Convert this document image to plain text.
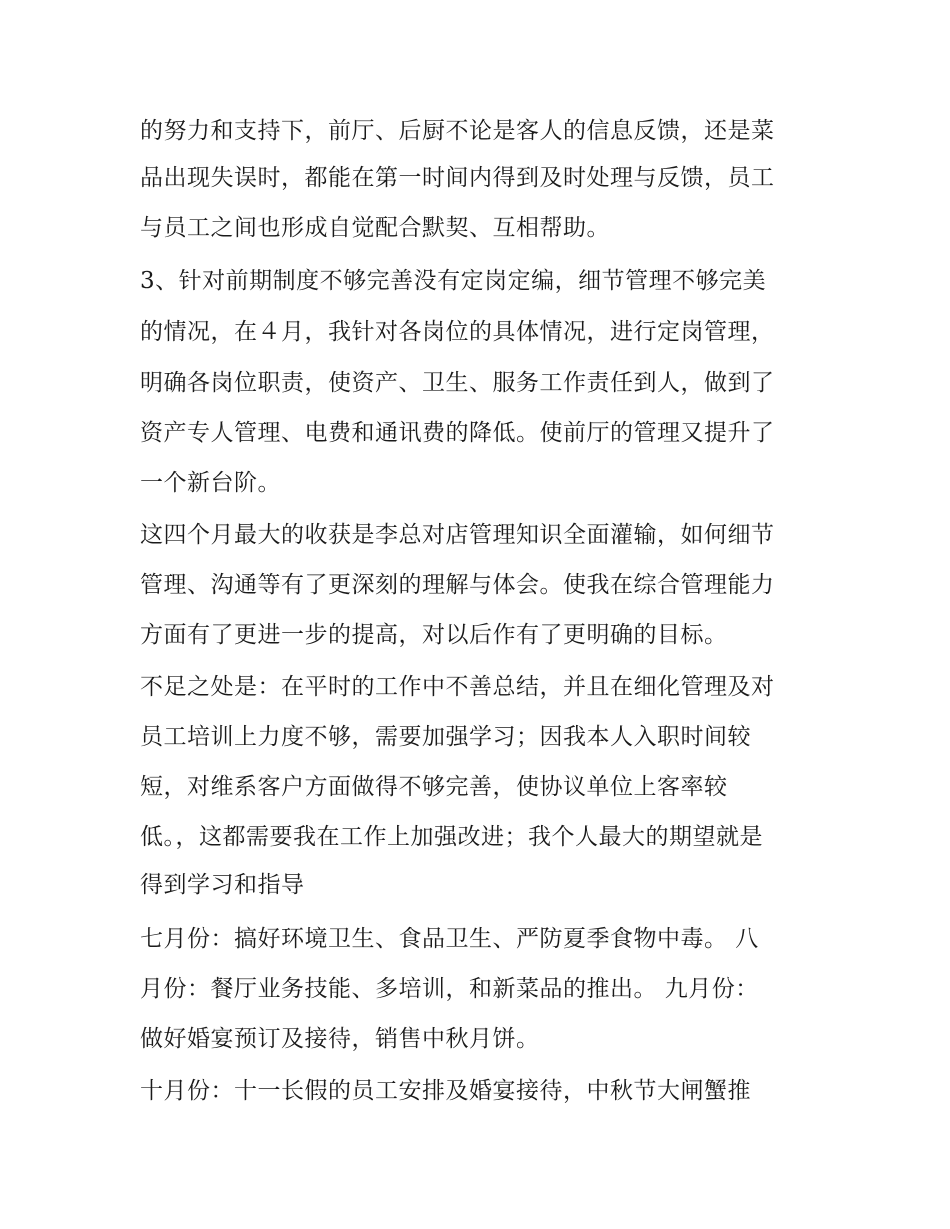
的努力和支持下，前厅、后厨不论是客人的信息反馈，还是菜
品出现失误时，都能在第一时间内得到及时处理与反馈，员工
与员工之间也形成自觉配合默契、互相帮助。
3、针对前期制度不够完善没有定岗定编，细节管理不够完美
的情况，在４月，我针对各岗位的具体情况，进行定岗管理，
明确各岗位职责，使资产、卫生、服务工作责任到人，做到了
资产专人管理、电费和通讯费的降低。使前厅的管理又提升了
一个新台阶。
这四个月最大的收获是李总对店管理知识全面灌输，如何细节
管理、沟通等有了更深刻的理解与体会。使我在综合管理能力
方面有了更进一步的提高，对以后作有了更明确的目标。
不足之处是：在平时的工作中不善总结，并且在细化管理及对
员工培训上力度不够，需要加强学习；因我本人入职时间较
短，对维系客户方面做得不够完善，使协议单位上客率较
低。，这都需要我在工作上加强改进；我个人最大的期望就是
得到学习和指导
七月份：搞好环境卫生、食品卫生、严防夏季食物中毒。 八
月份：餐厅业务技能、多培训，和新菜品的推出。 九月份：
做好婚宴预订及接待，销售中秋月饼。
十月份：十一长假的员工安排及婚宴接待，中秋节大闸蟹推
